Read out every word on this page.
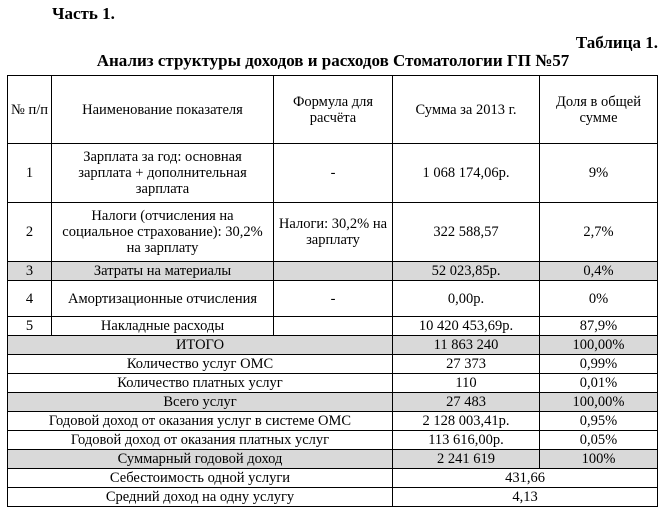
Часть 1.
Таблица 1.
Анализ структуры доходов и расходов Стоматологии ГП №57
№ п/п	Наименование показателя	Формула для расчёта	Сумма за 2013 г.	Доля в общей сумме
1	Зарплата за год: основная зарплата + дополнительная зарплата	-	1 068 174,06р.	9%
2	Налоги (отчисления на социальное страхование): 30,2% на зарплату	Налоги: 30,2% на зарплату	322 588,57	2,7%
3	Затраты на материалы		52 023,85р.	0,4%
4	Амортизационные отчисления	-	0,00р.	0%
5	Накладные расходы		10 420 453,69р.	87,9%
ИТОГО			11 863 240	100,00%
Количество услуг ОМС			27 373	0,99%
Количество платных услуг			110	0,01%
Всего услуг			27 483	100,00%
Годовой доход от оказания услуг в системе ОМС			2 128 003,41р.	0,95%
Годовой доход от оказания платных услуг			113 616,00р.	0,05%
Суммарный годовой доход			2 241 619	100%
Себестоимость одной услуги			431,66	
Средний доход на одну услугу			4,13	
